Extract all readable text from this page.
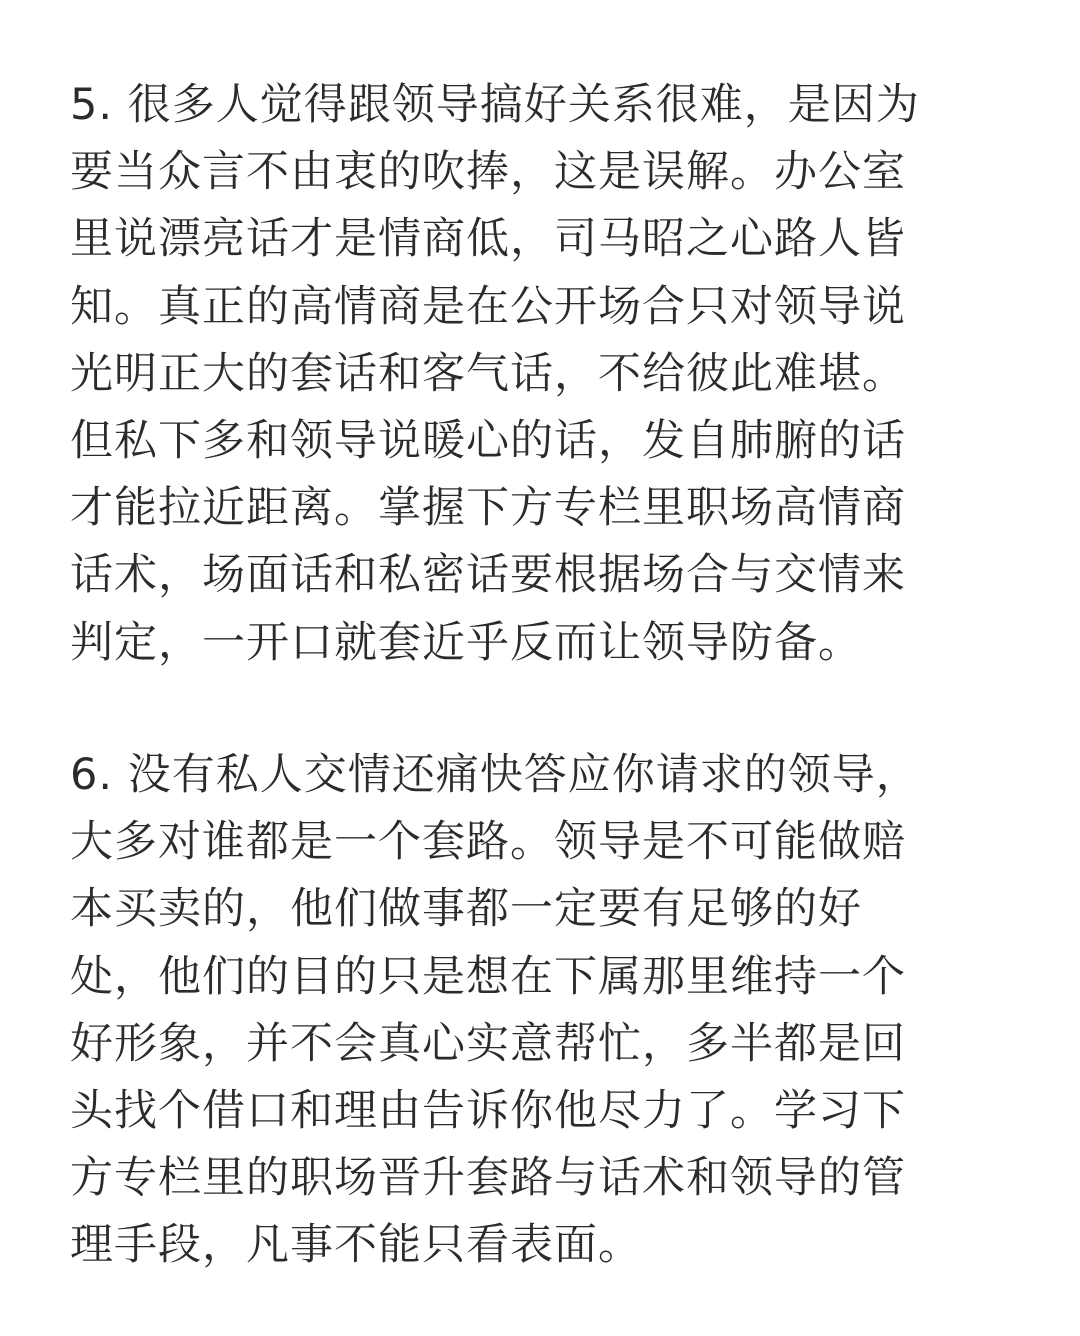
5. 很多人觉得跟领导搞好关系很难，是因为
要当众言不由衷的吹捧，这是误解。办公室
里说漂亮话才是情商低，司马昭之心路人皆
知。真正的高情商是在公开场合只对领导说
光明正大的套话和客气话，不给彼此难堪。
但私下多和领导说暖心的话，发自肺腑的话
才能拉近距离。掌握下方专栏里职场高情商
话术，场面话和私密话要根据场合与交情来
判定，一开口就套近乎反而让领导防备。
6. 没有私人交情还痛快答应你请求的领导，
大多对谁都是一个套路。领导是不可能做赔
本买卖的，他们做事都一定要有足够的好
处，他们的目的只是想在下属那里维持一个
好形象，并不会真心实意帮忙，多半都是回
头找个借口和理由告诉你他尽力了。学习下
方专栏里的职场晋升套路与话术和领导的管
理手段，凡事不能只看表面。
